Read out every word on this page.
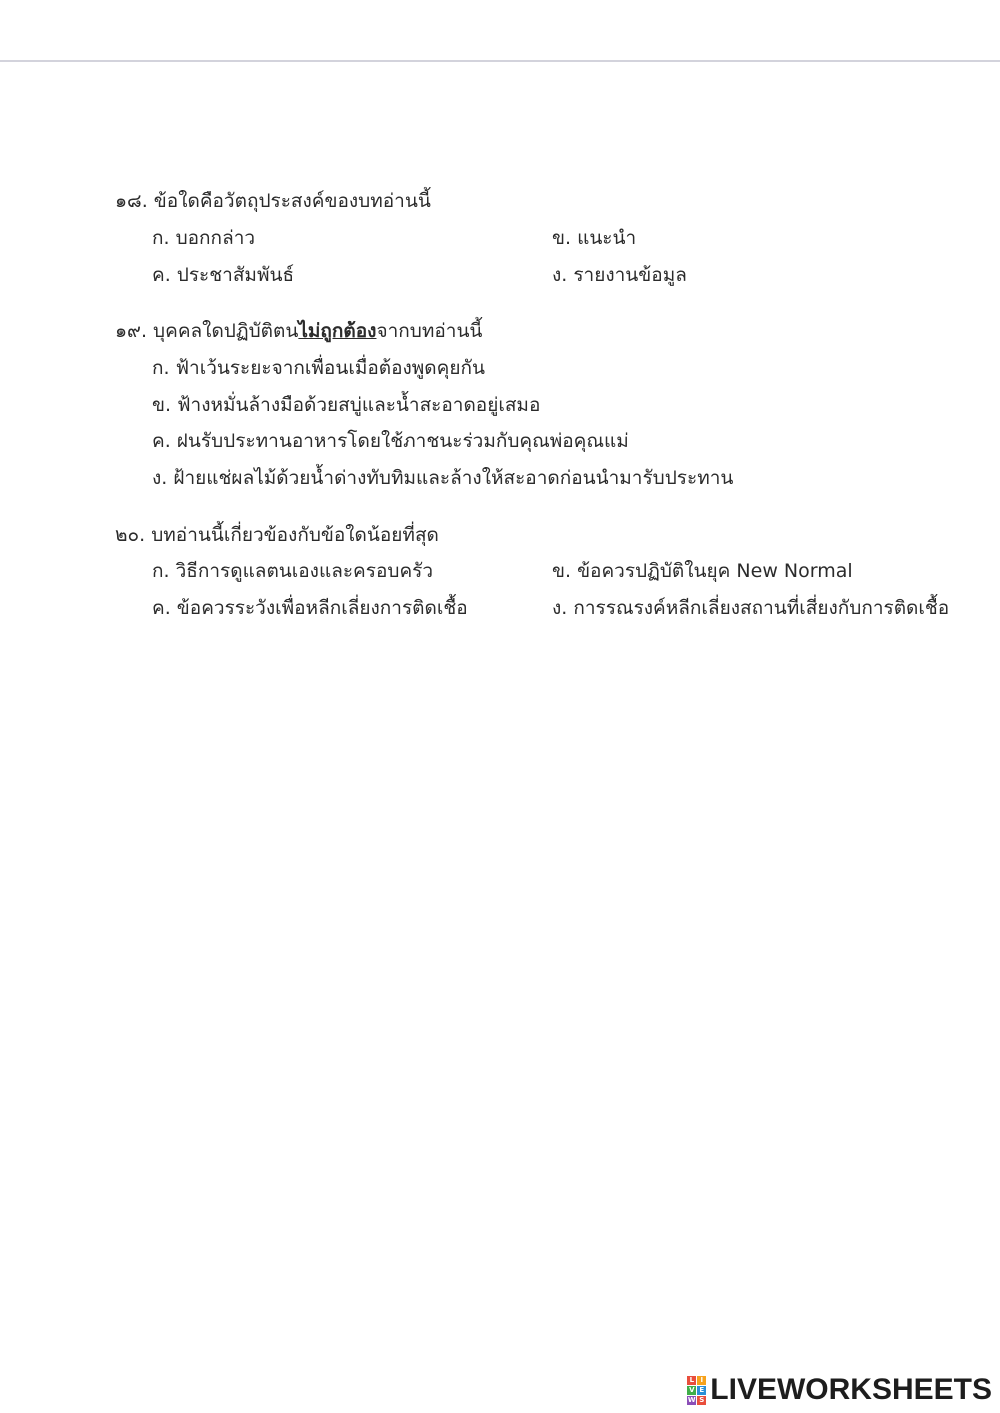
๑๘. ข้อใดคือวัตถุประสงค์ของบทอ่านนี้
ก. บอกกล่าว	ข. แนะนำ
ค. ประชาสัมพันธ์	ง. รายงานข้อมูล
๑๙. บุคคลใดปฏิบัติตนไม่ถูกต้องจากบทอ่านนี้
ก. ฟ้าเว้นระยะจากเพื่อนเมื่อต้องพูดคุยกัน
ข. ฟ้างหมั่นล้างมือด้วยสบู่และน้ำสะอาดอยู่เสมอ
ค. ฝนรับประทานอาหารโดยใช้ภาชนะร่วมกับคุณพ่อคุณแม่
ง. ฝ้ายแช่ผลไม้ด้วยน้ำด่างทับทิมและล้างให้สะอาดก่อนนำมารับประทาน
๒๐. บทอ่านนี้เกี่ยวข้องกับข้อใดน้อยที่สุด
ก. วิธีการดูแลตนเองและครอบครัว	ข. ข้อควรปฏิบัติในยุค New Normal
ค. ข้อควรระวังเพื่อหลีกเลี่ยงการติดเชื้อ	ง. การรณรงค์หลีกเลี่ยงสถานที่เสี่ยงกับการติดเชื้อ
L I
V E
W S LIVEWORKSHEETS
